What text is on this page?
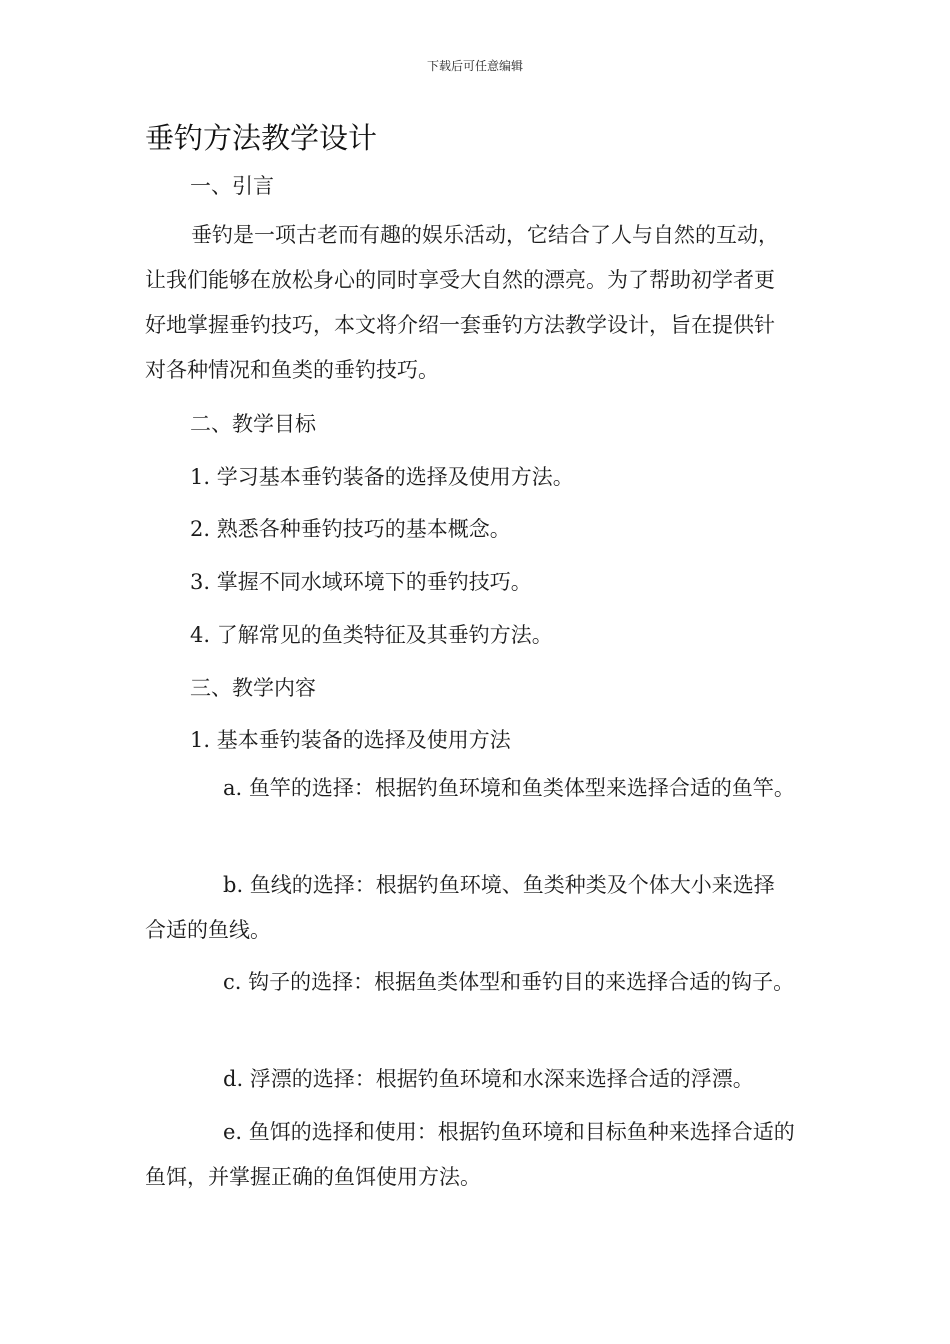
下载后可任意编辑
垂钓方法教学设计

一、引言

垂钓是一项古老而有趣的娱乐活动，它结合了人与自然的互动，让我们能够在放松身心的同时享受大自然的漂亮。为了帮助初学者更好地掌握垂钓技巧，本文将介绍一套垂钓方法教学设计，旨在提供针对各种情况和鱼类的垂钓技巧。

二、教学目标

1. 学习基本垂钓装备的选择及使用方法。

2. 熟悉各种垂钓技巧的基本概念。

3. 掌握不同水域环境下的垂钓技巧。

4. 了解常见的鱼类特征及其垂钓方法。

三、教学内容

1. 基本垂钓装备的选择及使用方法

a. 鱼竿的选择：根据钓鱼环境和鱼类体型来选择合适的鱼竿。

b. 鱼线的选择：根据钓鱼环境、鱼类种类及个体大小来选择合适的鱼线。

c. 钩子的选择：根据鱼类体型和垂钓目的来选择合适的钩子。

d. 浮漂的选择：根据钓鱼环境和水深来选择合适的浮漂。

e. 鱼饵的选择和使用：根据钓鱼环境和目标鱼种来选择合适的鱼饵，并掌握正确的鱼饵使用方法。
